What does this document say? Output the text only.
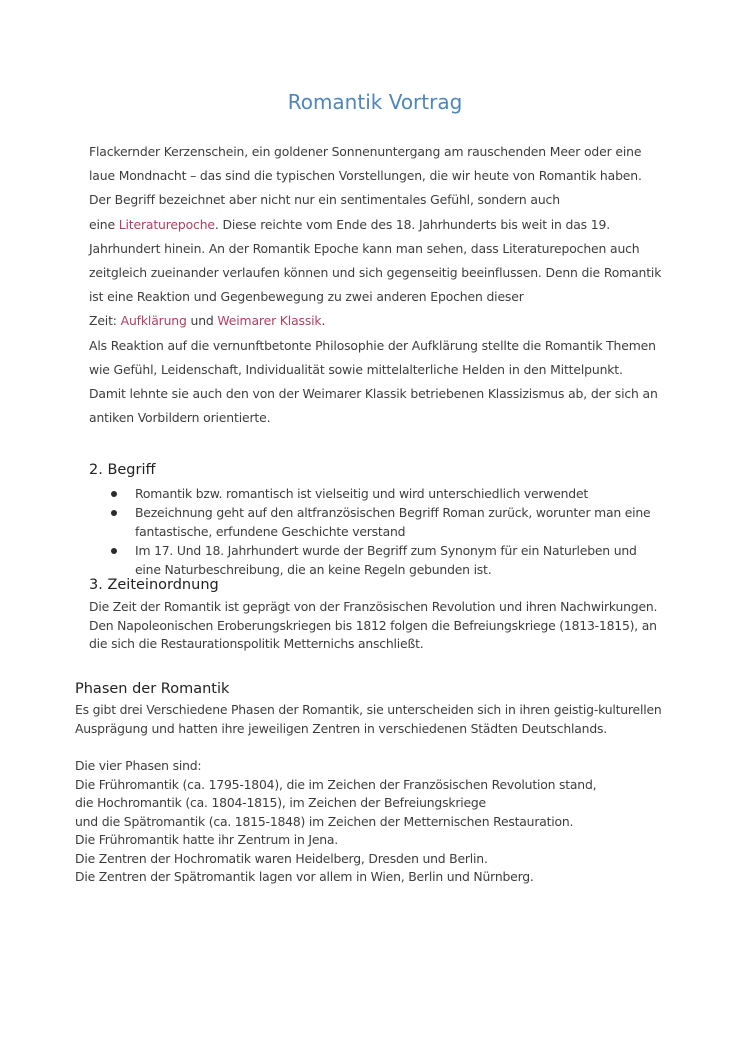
Romantik Vortrag
Flackernder Kerzenschein, ein goldener Sonnenuntergang am rauschenden Meer oder eine
laue Mondnacht – das sind die typischen Vorstellungen, die wir heute von Romantik haben.
Der Begriff bezeichnet aber nicht nur ein sentimentales Gefühl, sondern auch
eine Literaturepoche. Diese reichte vom Ende des 18. Jahrhunderts bis weit in das 19.
Jahrhundert hinein. An der Romantik Epoche kann man sehen, dass Literaturepochen auch
zeitgleich zueinander verlaufen können und sich gegenseitig beeinflussen. Denn die Romantik
ist eine Reaktion und Gegenbewegung zu zwei anderen Epochen dieser
Zeit: Aufklärung und Weimarer Klassik.
Als Reaktion auf die vernunftbetonte Philosophie der Aufklärung stellte die Romantik Themen
wie Gefühl, Leidenschaft, Individualität sowie mittelalterliche Helden in den Mittelpunkt.
Damit lehnte sie auch den von der Weimarer Klassik betriebenen Klassizismus ab, der sich an
antiken Vorbildern orientierte.
2. Begriff
Romantik bzw. romantisch ist vielseitig und wird unterschiedlich verwendet
Bezeichnung geht auf den altfranzösischen Begriff Roman zurück, worunter man eine
fantastische, erfundene Geschichte verstand
Im 17. Und 18. Jahrhundert wurde der Begriff zum Synonym für ein Naturleben und
eine Naturbeschreibung, die an keine Regeln gebunden ist.
3. Zeiteinordnung
Die Zeit der Romantik ist geprägt von der Französischen Revolution und ihren Nachwirkungen.
Den Napoleonischen Eroberungskriegen bis 1812 folgen die Befreiungskriege (1813-1815), an
die sich die Restaurationspolitik Metternichs anschließt.
Phasen der Romantik
Es gibt drei Verschiedene Phasen der Romantik, sie unterscheiden sich in ihren geistig-kulturellen
Ausprägung und hatten ihre jeweiligen Zentren in verschiedenen Städten Deutschlands.
Die vier Phasen sind:
Die Frühromantik (ca. 1795-1804), die im Zeichen der Französischen Revolution stand,
die Hochromantik (ca. 1804-1815), im Zeichen der Befreiungskriege
und die Spätromantik (ca. 1815-1848) im Zeichen der Metternischen Restauration.
Die Frühromantik hatte ihr Zentrum in Jena.
Die Zentren der Hochromatik waren Heidelberg, Dresden und Berlin.
Die Zentren der Spätromantik lagen vor allem in Wien, Berlin und Nürnberg.
